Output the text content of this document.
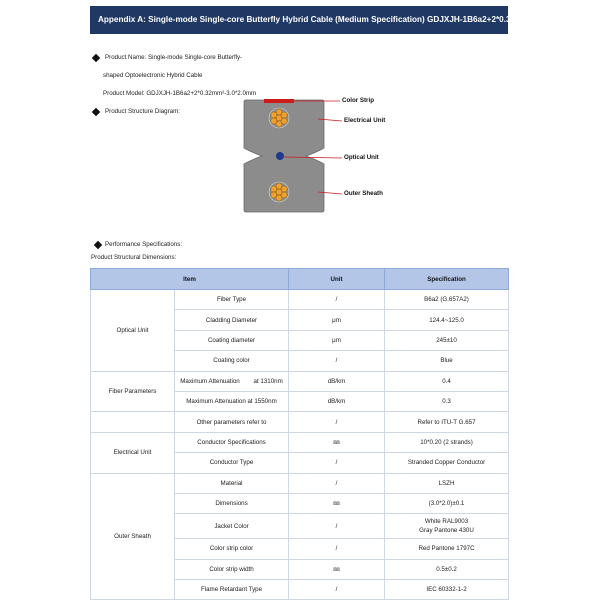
Appendix A: Single-mode Single-core Butterfly Hybrid Cable (Medium Specification) GDJXJH-1B6a2+2*0.32mm²-3.0*2.0mm
Product Name: Single-mode Single-core Butterfly-
shaped Optoelectronic Hybrid Cable
Product Model: GDJXJH-1B6a2+2*0.32mm²-3.0*2.0mm
Product Structure Diagram:
Color Strip
Electrical Unit
Optical Unit
Outer Sheath
Performance Specifications:
Product Structural Dimensions:
Item		Unit	Specification
Optical Unit	Fiber Type	/	B6a2 (G.657A2)
	Cladding Diameter	μm	124.4~125.0
	Coating diameter	μm	245±10
	Coating color	/	Blue
Fiber Parameters	Maximum Attenuation        at 1310nm	dB/km	0.4
	Maximum Attenuation at 1550nm	dB/km	0.3
	Other parameters refer to	/	Refer to ITU-T G.657
Electrical Unit	Conductor Specifications	㎜	10*0.20 (2 strands)
	Conductor Type	/	Stranded Copper Conductor
Outer Sheath	Material	/	LSZH
	Dimensions	㎜	(3.0*2.0)±0.1
	Jacket Color	/	White RAL9003
Gray Pantone 430U

	Color strip color	/	Red Pantone 1797C
	Color strip width	㎜	0.5±0.2
	Flame Retardant Type	/	IEC 60332-1-2
